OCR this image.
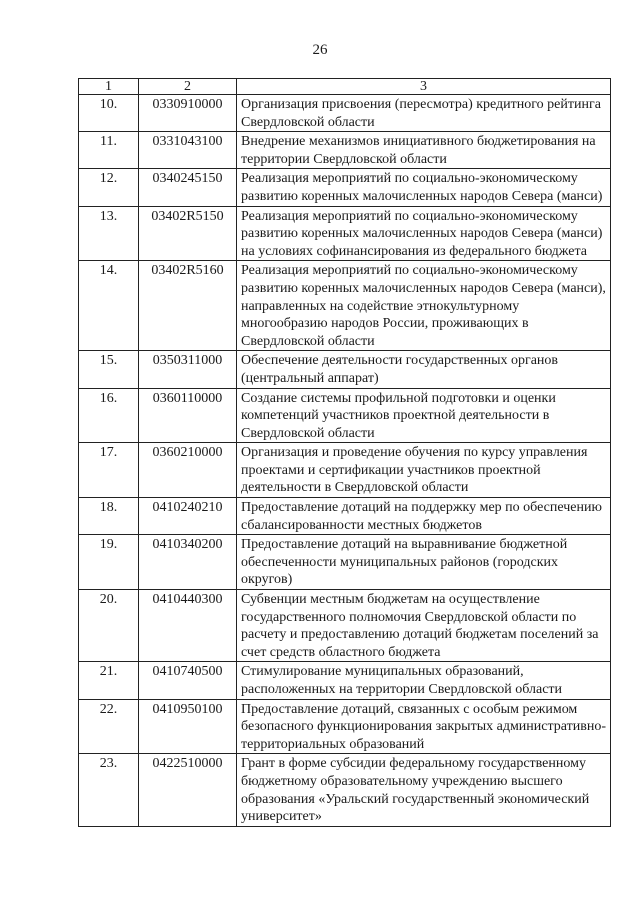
26
1	2	3
10.	0330910000	Организация присвоения (пересмотра) кредитного рейтинга Свердловской области
11.	0331043100	Внедрение механизмов инициативного бюджетирования на территории Свердловской области
12.	0340245150	Реализация мероприятий по социально-экономическому развитию коренных малочисленных народов Севера (манси)
13.	03402R5150	Реализация мероприятий по социально-экономическому развитию коренных малочисленных народов Севера (манси) на условиях софинансирования из федерального бюджета
14.	03402R5160	Реализация мероприятий по социально-экономическому развитию коренных малочисленных народов Севера (манси), направленных на содействие этнокультурному многообразию народов России, проживающих в Свердловской области
15.	0350311000	Обеспечение деятельности государственных органов (центральный аппарат)
16.	0360110000	Создание системы профильной подготовки и оценки компетенций участников проектной деятельности в Свердловской области
17.	0360210000	Организация и проведение обучения по курсу управления проектами и сертификации участников проектной деятельности в Свердловской области
18.	0410240210	Предоставление дотаций на поддержку мер по обеспечению сбалансированности местных бюджетов
19.	0410340200	Предоставление дотаций на выравнивание бюджетной обеспеченности муниципальных районов (городских округов)
20.	0410440300	Субвенции местным бюджетам на осуществление государственного полномочия Свердловской области по расчету и предоставлению дотаций бюджетам поселений за счет средств областного бюджета
21.	0410740500	Стимулирование муниципальных образований, расположенных на территории Свердловской области
22.	0410950100	Предоставление дотаций, связанных с особым режимом безопасного функционирования закрытых административно-территориальных образований
23.	0422510000	Грант в форме субсидии федеральному государственному бюджетному образовательному учреждению высшего образования «Уральский государственный экономический университет»
